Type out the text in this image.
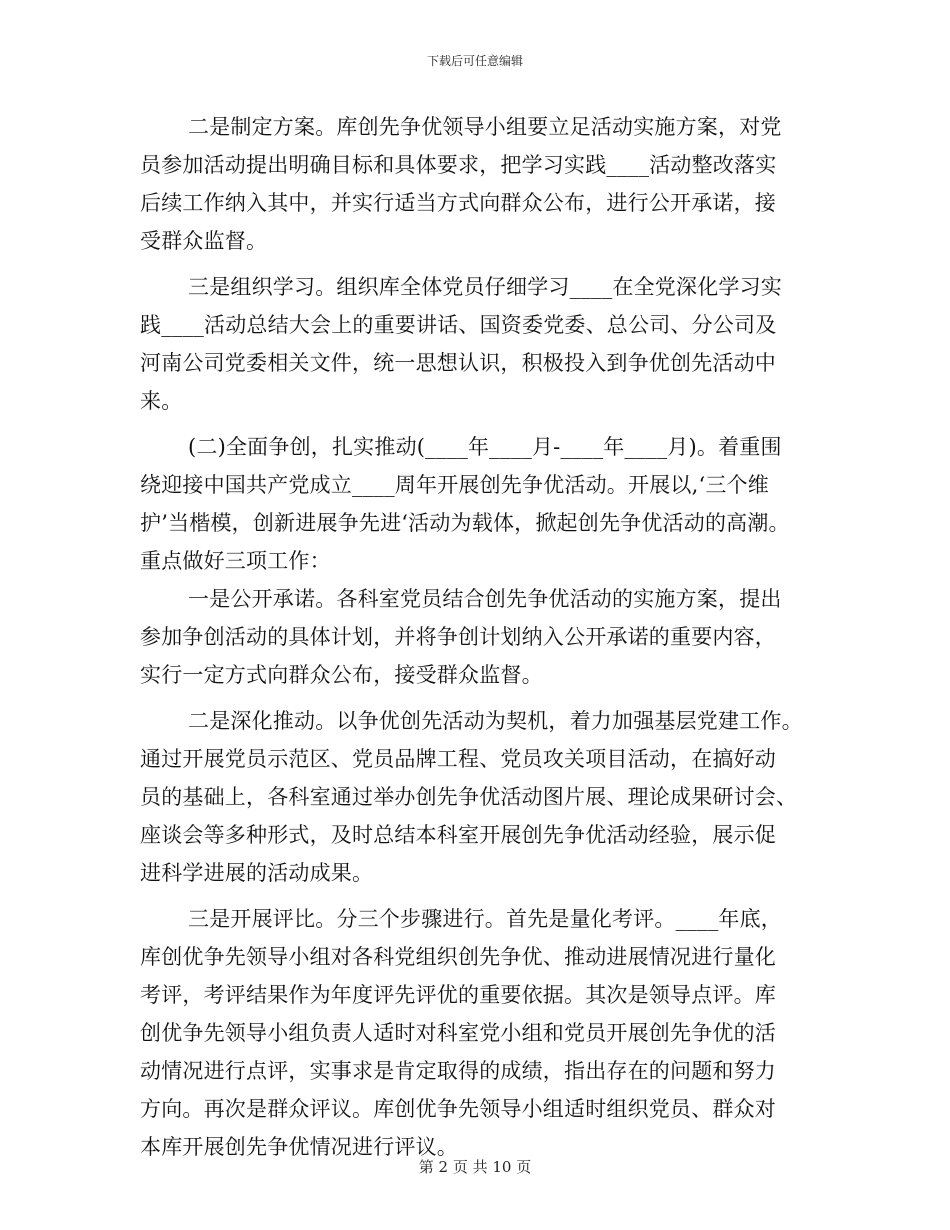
下载后可任意编辑
二是制定方案。库创先争优领导小组要立足活动实施方案，对党
员参加活动提出明确目标和具体要求，把学习实践____活动整改落实
后续工作纳入其中，并实行适当方式向群众公布，进行公开承诺，接
受群众监督。
三是组织学习。组织库全体党员仔细学习____在全党深化学习实
践____活动总结大会上的重要讲话、国资委党委、总公司、分公司及
河南公司党委相关文件，统一思想认识，积极投入到争优创先活动中
来。
(二)全面争创，扎实推动(____年____月-____年____月)。着重围
绕迎接中国共产党成立____周年开展创先争优活动。开展以,‘三个维
护’当楷模，创新进展争先进‘活动为载体，掀起创先争优活动的高潮。
重点做好三项工作：
一是公开承诺。各科室党员结合创先争优活动的实施方案，提出
参加争创活动的具体计划，并将争创计划纳入公开承诺的重要内容，
实行一定方式向群众公布，接受群众监督。
二是深化推动。以争优创先活动为契机，着力加强基层党建工作。
通过开展党员示范区、党员品牌工程、党员攻关项目活动，在搞好动
员的基础上，各科室通过举办创先争优活动图片展、理论成果研讨会、
座谈会等多种形式，及时总结本科室开展创先争优活动经验，展示促
进科学进展的活动成果。
三是开展评比。分三个步骤进行。首先是量化考评。____年底，
库创优争先领导小组对各科党组织创先争优、推动进展情况进行量化
考评，考评结果作为年度评先评优的重要依据。其次是领导点评。库
创优争先领导小组负责人适时对科室党小组和党员开展创先争优的活
动情况进行点评，实事求是肯定取得的成绩，指出存在的问题和努力
方向。再次是群众评议。库创优争先领导小组适时组织党员、群众对
本库开展创先争优情况进行评议。
第 2 页 共 10 页
